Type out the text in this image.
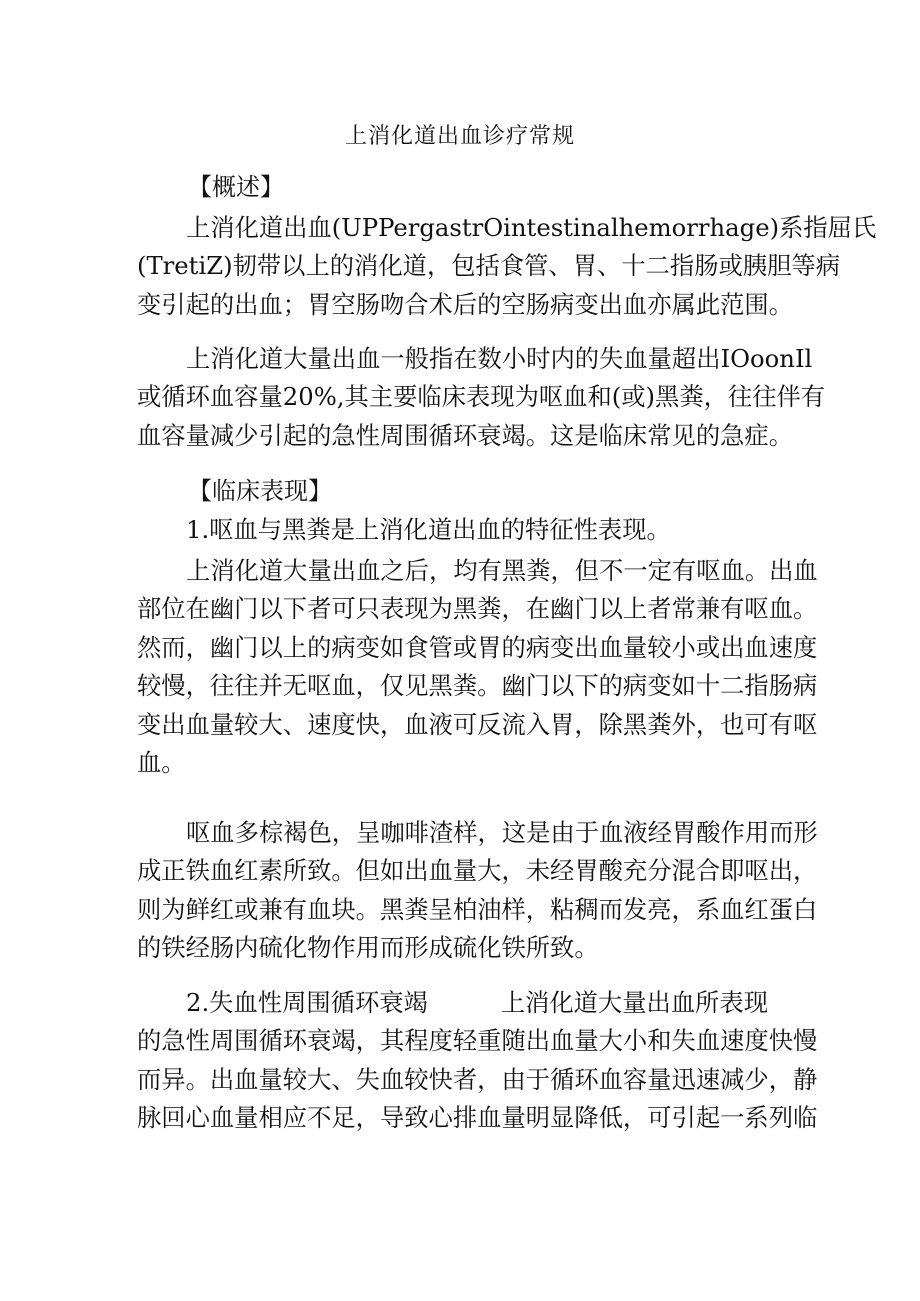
上消化道出血诊疗常规
【概述】
上消化道出血(UPPergastrOintestinalhemorrhage)系指屈氏
(TretiZ)韧带以上的消化道，包括食管、胃、十二指肠或胰胆等病
变引起的出血；胃空肠吻合术后的空肠病变出血亦属此范围。
上消化道大量出血一般指在数小时内的失血量超出IOoonIl
或循环血容量20%,其主要临床表现为呕血和(或)黑粪，往往伴有
血容量减少引起的急性周围循环衰竭。这是临床常见的急症。
【临床表现】
1.呕血与黑粪是上消化道出血的特征性表现。
上消化道大量出血之后，均有黑粪，但不一定有呕血。出血
部位在幽门以下者可只表现为黑粪，在幽门以上者常兼有呕血。
然而，幽门以上的病变如食管或胃的病变出血量较小或出血速度
较慢，往往并无呕血，仅见黑粪。幽门以下的病变如十二指肠病
变出血量较大、速度快，血液可反流入胃，除黑粪外，也可有呕
血。
呕血多棕褐色，呈咖啡渣样，这是由于血液经胃酸作用而形
成正铁血红素所致。但如出血量大，未经胃酸充分混合即呕出，
则为鲜红或兼有血块。黑粪呈柏油样，粘稠而发亮，系血红蛋白
的铁经肠内硫化物作用而形成硫化铁所致。
2.失血性周围循环衰竭　　　上消化道大量出血所表现
的急性周围循环衰竭，其程度轻重随出血量大小和失血速度快慢
而异。出血量较大、失血较快者，由于循环血容量迅速减少，静
脉回心血量相应不足，导致心排血量明显降低，可引起一系列临
